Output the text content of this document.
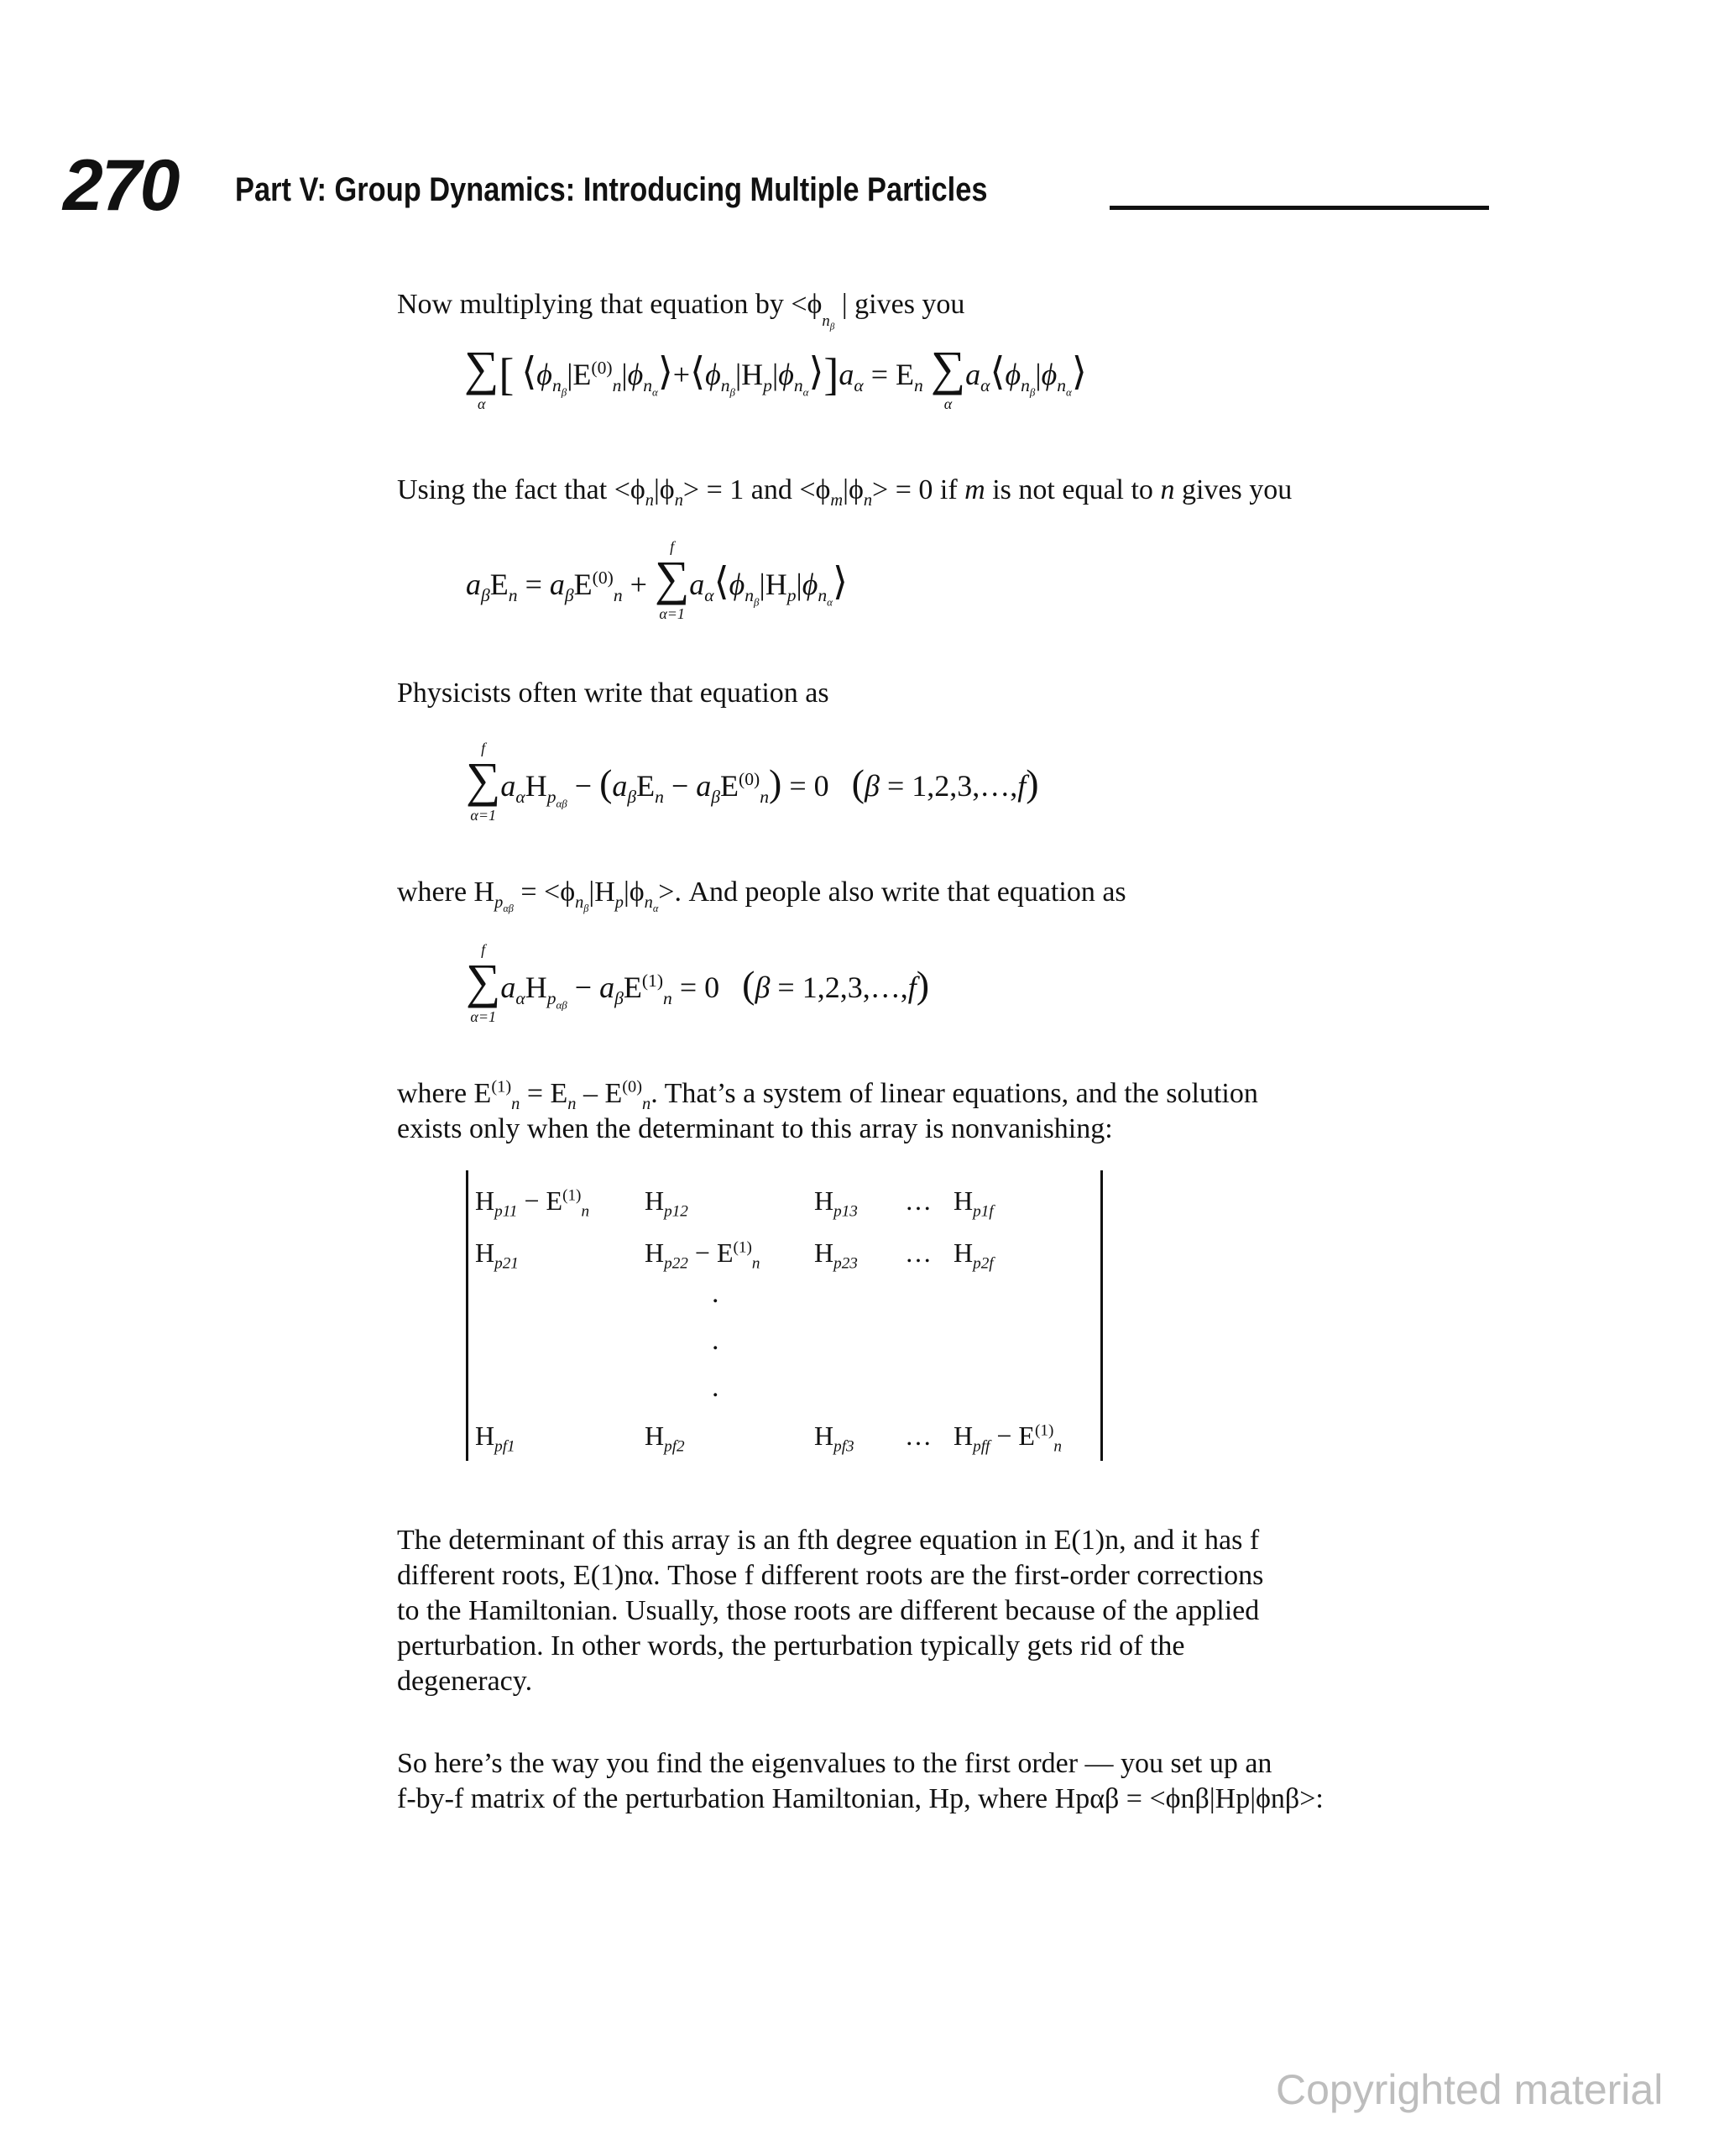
270 Part V: Group Dynamics: Introducing Multiple Particles
Now multiplying that equation by $<\phi_{n_\beta}$ | gives you
∑
α
[ $⟨\phi_{n_\beta}|E^{(0)}_n|\phi_{n_\alpha}⟩+⟨\phi_{n_\beta}|H_p|\phi_{n_\alpha}⟩]a_\alpha = E_n$ ∑
α
$a_\alpha⟨\phi_{n_\beta}|\phi_{n_\alpha}⟩$
Using the fact that $<\phi_n|\phi_n> = 1$ and $<\phi_m|\phi_n> = 0$ if m is not equal to n gives you
$a_\beta E_n = a_\beta E^{(0)}_n$ +
f
∑
α=1
$a_\alpha⟨\phi_{n_\beta}|H_p|\phi_{n_\alpha}⟩$
Physicists often write that equation as
f
∑
α=1
$a_\alpha H_{p_{\alpha\beta}} - (a_\beta E_n - a_\beta E^{(0)}_n) = 0$   (β = 1,2,3,…,f)
where $H_{p_{\alpha\beta}} = <\phi_{n_\beta}|H_p|\phi_{n_\alpha}>$. And people also write that equation as
f
∑
α=1
$a_\alpha H_{p_{\alpha\beta}} - a_\beta E^{(1)}_n = 0$   (β = 1,2,3,…,f)
where $E^{(1)}_n = E_n - E^{(0)}_n$. That’s a system of linear equations, and the solution
exists only when the determinant to this array is nonvanishing:
$H_{p11} - E^{(1)}_n$ $H_{p12}$	$H_{p13}$ … $H_{p1f}$
$H_{p21}$	$H_{p22} - E^{(1)}_n$ $H_{p23}$ … $H_{p2f}$
.
.
.
$H_{pf1}$	$H_{pf2}$	$H_{pf3}$ … $H_{pff} - E^{(1)}_n$
The determinant of this array is an fth degree equation in E(1)n, and it has f
different roots, E(1)nα. Those f different roots are the first-order corrections
to the Hamiltonian. Usually, those roots are different because of the applied
perturbation. In other words, the perturbation typically gets rid of the
degeneracy.
So here’s the way you find the eigenvalues to the first order — you set up an
f-by-f matrix of the perturbation Hamiltonian, Hp, where Hpαβ = <ϕnβ|Hp|ϕnβ>:
Copyrighted material
